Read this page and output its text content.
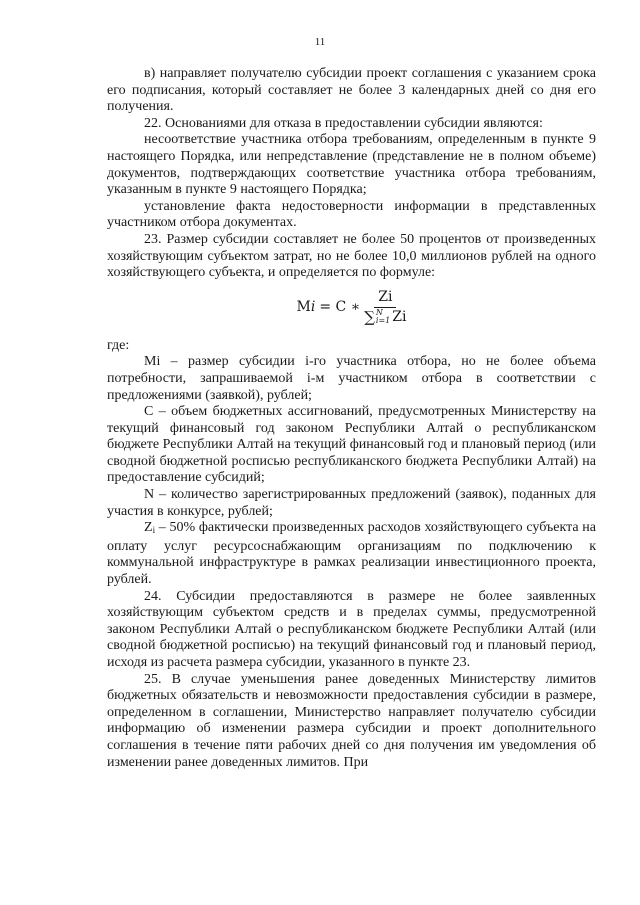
11

в) направляет получателю субсидии проект соглашения с указанием срока его подписания, который составляет не более 3 календарных дней со дня его получения.

22. Основаниями для отказа в предоставлении субсидии являются:

несоответствие участника отбора требованиям, определенным в пункте 9 настоящего Порядка, или непредставление (представление не в полном объеме) документов, подтверждающих соответствие участника отбора требованиям, указанным в пункте 9 настоящего Порядка;

установление факта недостоверности информации в представленных участником отбора документах.

23. Размер субсидии составляет не более 50 процентов от произведенных хозяйствующим субъектом затрат, но не более 10,0 миллионов рублей на одного хозяйствующего субъекта, и определяется по формуле:

Mi = C ∗
Zi
∑ N
i=1 Zi

где:

Mi – размер субсидии i-го участника отбора, но не более объема потребности, запрашиваемой i-м участником отбора в соответствии с предложениями (заявкой), рублей;

C – объем бюджетных ассигнований, предусмотренных Министерству на текущий финансовый год законом Республики Алтай о республиканском бюджете Республики Алтай на текущий финансовый год и плановый период (или сводной бюджетной росписью республиканского бюджета Республики Алтай) на предоставление субсидий;

N – количество зарегистрированных предложений (заявок), поданных для участия в конкурсе, рублей;

$Z_i - 50\%$ фактически произведенных расходов хозяйствующего субъекта на оплату услуг ресурсоснабжающим организациям по подключению к коммунальной инфраструктуре в рамках реализации инвестиционного проекта, рублей.

24. Субсидии предоставляются в размере не более заявленных хозяйствующим субъектом средств и в пределах суммы, предусмотренной законом Республики Алтай о республиканском бюджете Республики Алтай (или сводной бюджетной росписью) на текущий финансовый год и плановый период, исходя из расчета размера субсидии, указанного в пункте 23.

25. В случае уменьшения ранее доведенных Министерству лимитов бюджетных обязательств и невозможности предоставления субсидии в размере, определенном в соглашении, Министерство направляет получателю субсидии информацию об изменении размера субсидии и проект дополнительного соглашения в течение пяти рабочих дней со дня получения им уведомления об изменении ранее доведенных лимитов. При
